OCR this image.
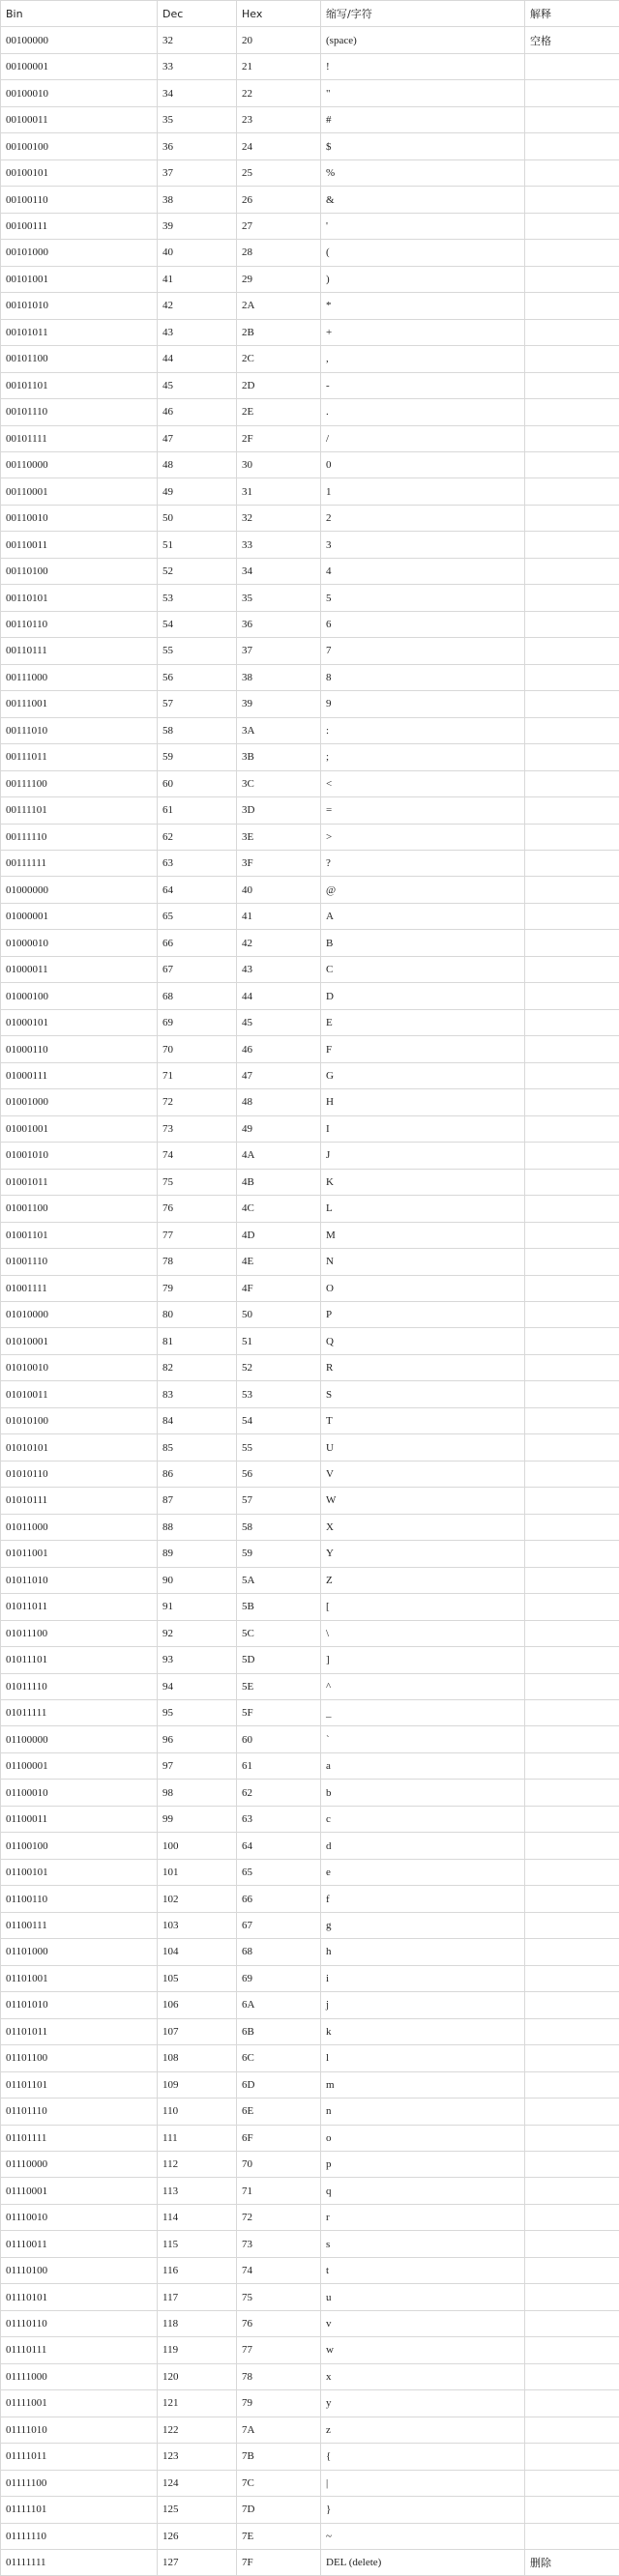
Bin	Dec	Hex	缩写/字符	解释
00100000	32	20	(space)	空格
00100001	33	21	!	
00100010	34	22	"	
00100011	35	23	#	
00100100	36	24	$	
00100101	37	25	%	
00100110	38	26	&	
00100111	39	27	'	
00101000	40	28	(	
00101001	41	29	)	
00101010	42	2A	*	
00101011	43	2B	+	
00101100	44	2C	,	
00101101	45	2D	-	
00101110	46	2E	.	
00101111	47	2F	/	
00110000	48	30	0	
00110001	49	31	1	
00110010	50	32	2	
00110011	51	33	3	
00110100	52	34	4	
00110101	53	35	5	
00110110	54	36	6	
00110111	55	37	7	
00111000	56	38	8	
00111001	57	39	9	
00111010	58	3A	:	
00111011	59	3B	;	
00111100	60	3C	<	
00111101	61	3D	=	
00111110	62	3E	>	
00111111	63	3F	?	
01000000	64	40	@	
01000001	65	41	A	
01000010	66	42	B	
01000011	67	43	C	
01000100	68	44	D	
01000101	69	45	E	
01000110	70	46	F	
01000111	71	47	G	
01001000	72	48	H	
01001001	73	49	I	
01001010	74	4A	J	
01001011	75	4B	K	
01001100	76	4C	L	
01001101	77	4D	M	
01001110	78	4E	N	
01001111	79	4F	O	
01010000	80	50	P	
01010001	81	51	Q	
01010010	82	52	R	
01010011	83	53	S	
01010100	84	54	T	
01010101	85	55	U	
01010110	86	56	V	
01010111	87	57	W	
01011000	88	58	X	
01011001	89	59	Y	
01011010	90	5A	Z	
01011011	91	5B	[	
01011100	92	5C	\	
01011101	93	5D	]	
01011110	94	5E	^	
01011111	95	5F	_	
01100000	96	60	`	
01100001	97	61	a	
01100010	98	62	b	
01100011	99	63	c	
01100100	100	64	d	
01100101	101	65	e	
01100110	102	66	f	
01100111	103	67	g	
01101000	104	68	h	
01101001	105	69	i	
01101010	106	6A	j	
01101011	107	6B	k	
01101100	108	6C	l	
01101101	109	6D	m	
01101110	110	6E	n	
01101111	111	6F	o	
01110000	112	70	p	
01110001	113	71	q	
01110010	114	72	r	
01110011	115	73	s	
01110100	116	74	t	
01110101	117	75	u	
01110110	118	76	v	
01110111	119	77	w	
01111000	120	78	x	
01111001	121	79	y	
01111010	122	7A	z	
01111011	123	7B	{	
01111100	124	7C	|	
01111101	125	7D	}	
01111110	126	7E	~	
01111111	127	7F	DEL (delete)	删除
